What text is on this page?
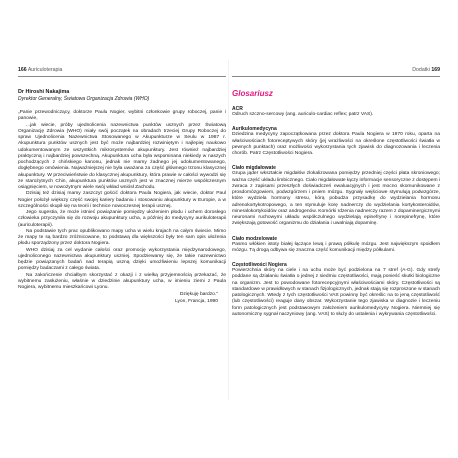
166 Auriculoterapia
Dr Hiroshi Nakajima
Dyrektor Generalny, Światowa Organizacja Zdrowia (WHO)

„Panie przewodniczący, doktorze Paulu Nogier, wybitni członkowie grupy roboczej, panie i panowie,

...jak wiecie, próby ujednolicenia nazewnictwa punktów usznych przez Światową Organizację Zdrowia (WHO) miały swój początek na obradach trzeciej Grupy Roboczej do spraw Ujednolicenia Nazewnictwa Stosowanego w Akupunkturze w Seulu w 1987 r. Akupunktura punktów usznych jest być może najbardziej rozwiniętym i najlepiej naukowo udokumentowanym ze wszystkich mikrosystemów akupunktury. Jest również najbardziej praktyczną i najbardziej powszechną. Akupunktura ucha była wspominana niekiedy w naszych pochodzących z chińskiego kanonu, jednak nie mamy żadnego jej udokumentowanego, dogłębnego omówienia. Najważniejszej nie była uważana za część głównego trzonu klasycznej akupunktury. W przeciwieństwie do klasycznej akupunktury, która prawie w całości wywodzi się ze starożytnych Chin, akupunktura punktów usznych jest w znacznej mierze współczesnym osiągnięciem, w nowożytnym wiele swój wkład wniósł Zachodu.

Dzisiaj też dzisiaj mamy zaszczyt gościć doktora Paula Nogiera, jak wiecie, doktor Paul Nogier położył większy część swojej kariery badaniu i stosowaniu akupunktury w Europie, a w szczególności skupił się na teorii i technice nowoczesnej terapii usznej.

Jego sugestia, że może istnieć powiązanie pomiędzy ułożeniem płodu i uchem dorosłego człowieka przyczyniła się do rozwoju akupunktury ucha, a później do medycyny aurikuloterapii (auriculoterapii).

Na podstawie tych prac opublikowano mapy ucha w wielu krajach na całym świecie. Mimo że mapy te są bardzo zróżnicowane, to podstawą dla większości były ten sam opis ułożenia płodu sporządzony przez doktora Nogiera.

WHO dzisiaj za cel wydanie całości oraz promocję wykorzystania międzynarodowego, ujednoliconego nazewnictwa akupunktury uszniej. Spodziewamy się, że takie nazewnictwo będzie powiązanych badań nad terapią uszną dzięki umożliwieniu lepszej komunikacji pomiędzy badaczami z całego świata.

Na zakończenie chciałbym skorzystać z okazji i z wielką przyjemnością przekazać, że wybitnemu zasłużeniu, właśnie w dziedzinie akupunktury ucha, w imieniu ziemi z Paula Nogiera, wybitnemu mieszkańcowi Lyonu.

Dziękuję bardzo."
Lyon, Francja, 1990
Dodatki 169
Glosariusz
ACR
Odruch szczno-sercowy (ang. auriculo-cardiac reflex; patrz VAS).
Aurikulomedycyna
Dziedzina medycyny zapoczątkowana przez doktora Paula Nogiera w 1970 roku, oparta na właściwościach fotoreceptywych skóry (jej wrażliwości na określone częstotliwości światła w pewnych punktach) oraz możliwości wykorzystania tych zjawisk do diagnozowania i leczenia chorób. Patrz Częstotliwości Nogiera.
Ciało migdałowate
Grupa jąder wkształcie migdałów zlokalizowana pomiędzy przedniej części płata skroniowego; ważna część układu limbicznego. Ciało migdałowate łączy informacje sensoryczne z dostępem i zwraca z zapisami przeszłych doświadczeń ewaluacyjnych i jest mocno skomunikowane z prosdomózgowiem, podwzgórzem i pniem mózgu. Sygnały wejściowe stymulują podwzgórze, które wydziela hormony stresu, kórą pobudza przysadkę do wydzielania hormonu adrenokortykotropowego, a ten stymuluje korę nadnerczy do wydzielania kortykosteroidów, mineralokortykoidów oraz androgenów. Komórki rdzenia nadnerczy razem z dopaminergicznymi neuronami ruchowymi układu współczulnego wydzielają epinefrynę i norepinefrynę, które zwiększają gotowość organizmu do działania i uwalniają dopaminę.
Ciało modzelowate
Pasmo włókien istoty białej łączące lewą i prawą półkulę mózgu. Jest największym spoidłem mózgu. Tą drogą odbywa się znaczna część komunikacji między półkulami.
Częstotliwości Nogiera
Powierzchnia skóry na ciele i na uchu może być podzielona na 7 stref (A-G). Gdy strefy poddane są działaniu światła o jednej z siedmiu częstotliwości, mają ponieść skutki biologiczne na organizm. Jest to powodowane fotorecepcyjnymi właściwościami skóry. Częstotliwości są standardowe w prawidłowych w stanach fizjologicznych, jednak stają się rozproszone w stanach patologicznych. Wtedy z tych częstotliwości VAS powinny być określic na to jeną częstotliwość (lub częstotliwości) reaguje dany obszar. Wykorzystanie tego zjawiska w diagnozie i leczeniu form patologicznych jest podstawowym założeniem aurikulomedycyny Nogiera. Niemniej się autonomiczny sygnał naczyniowy (ang. VAS) to służy do ustalenia i wykrywania częstotliwości.
